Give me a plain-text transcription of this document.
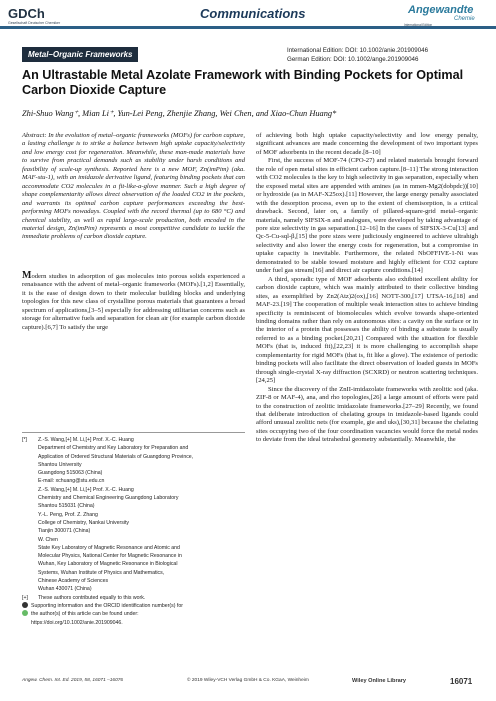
GDCh
Gesellschaft Deutscher Chemiker
Communications	Angewandte
Chemie
International Edition
Metal–Organic Frameworks	International Edition: DOI: 10.1002/anie.201909046
German Edition: DOI: 10.1002/ange.201909046
An Ultrastable Metal Azolate Framework with Binding Pockets for Optimal Carbon Dioxide Capture
Zhi-Shuo Wang⁺, Mian Li⁺, Yun-Lei Peng, Zhenjie Zhang, Wei Chen, and Xiao-Chun Huang*

Abstract: In the evolution of metal–organic frameworks (MOFs) for carbon capture, a lasting challenge is to strike a balance between high uptake capacity/selectivity and low energy cost for regeneration. Meanwhile, these man-made materials have to survive from practical demands such as stability under harsh conditions and feasibility of scale-up synthesis. Reported here is a new MOF, Zn(imPim) (aka. MAF-stu-1), with an imidazole derivative ligand, featuring binding pockets that can accommodate CO2 molecules in a fit-like-a-glove manner. Such a high degree of shape complementarity allows direct observation of the loaded CO2 in the pockets, and warrants its optimal carbon capture performances exceeding the best-performing MOFs nowadays. Coupled with the record thermal (up to 680 °C) and chemical stability, as well as rapid large-scale production, both encoded in the material design, Zn(imPim) represents a most competitive candidate to tackle the immediate problems of carbon dioxide capture.

Modern studies in adsorption of gas molecules into porous solids experienced a renaissance with the advent of metal–organic frameworks (MOFs).[1,2] Essentially, it is the ease of design down to their molecular building blocks and underlying topologies for this new class of crystalline porous materials that guarantees a broad spectrum of applications,[3–5] especially for addressing utilitarian concerns such as storage for alternative fuels and separation for clean air (for example carbon dioxide capture).[6,7] To satisfy the urge

[*]	Z.-S. Wang,[+] M. Li,[+] Prof. X.-C. Huang
Department of Chemistry and Key Laboratory for Preparation and
Application of Ordered Structural Materials of Guangdong Province,
Shantou University
Guangdong 515063 (China)
E-mail: xchuang@stu.edu.cn
Z.-S. Wang,[+] M. Li,[+] Prof. X.-C. Huang
Chemistry and Chemical Engineering Guangdong Laboratory
Shantou 515031 (China)
Y.-L. Peng, Prof. Z. Zhang
College of Chemistry, Nankai University
Tianjin 300071 (China)
W. Chen
State Key Laboratory of Magnetic Resonance and Atomic and
Molecular Physics, National Center for Magnetic Resonance in
Wuhan, Key Laboratory of Magnetic Resonance in Biological
Systems, Wuhan Institute of Physics and Mathematics,
Chinese Academy of Sciences
Wuhan 430071 (China)
[+]	These authors contributed equally to this work.
Supporting information and the ORCID identification number(s) for
the author(s) of this article can be found under:
https://doi.org/10.1002/anie.201909046.

of achieving both high uptake capacity/selectivity and low energy penalty, significant advances are made concerning the development of two important types of MOF adsorbents in the recent decade.[8–10]

First, the success of MOF-74 (CPO-27) and related materials brought forward the role of open metal sites in efficient carbon capture.[8–11] The strong interaction with CO2 molecules is the key to high selectivity in gas separation, especially when the exposed metal sites are appended with amines (as in mmen-Mg2(dobpdc))[10] or hydroxide (as in MAF-X25ox).[11] However, the large energy penalty associated with the desorption process, even up to the extent of chemisorption, is a critical drawback. Second, later on, a family of pillared-square-grid metal–organic materials, namely SIFSIX-n and analogues, were developed by taking advantage of pore size selectivity in gas separation.[12–16] In the cases of SIFSIX-3-Cu[13] and Qc-5-Cu-sql-β,[15] the pore sizes were judiciously engineered to achieve ultrahigh selectivity and also lower the energy costs for regeneration, but a compromise in uptake capacity is inevitable. Furthermore, the related NbOFFIVE-1-Ni was demonstrated to be stable toward moisture and highly efficient for CO2 capture under fuel gas stream[16] and direct air capture conditions.[14]

A third, sporadic type of MOF adsorbents also exhibited excellent ability for carbon dioxide capture, which was mainly attributed to their collective binding sites, as exemplified by Zn2(Atz)2(ox),[16] NOTT-300,[17] UTSA-16,[18] and MAF-23.[19] The cooperation of multiple weak interaction sites to achieve binding specificity is reminiscent of biomolecules which evolve towards shape-oriented binding domains rather than rely on autonomous sites: a cavity on the surface or in the interior of a protein that possesses the ability of binding a substrate is usually referred to as a binding pocket.[20,21] Compared with the situation for flexible MOFs (that is, induced fit),[22,23] it is more challenging to accomplish shape complementarity for rigid MOFs (that is, fit like a glove). The existence of periodic binding pockets will also facilitate the direct observation of loaded guests in MOFs through single-crystal X-ray diffraction (SCXRD) or neutron scattering techniques.[24,25]

Since the discovery of the ZnII-imidazolate frameworks with zeolitic sod (aka. ZIF-8 or MAF-4), ana, and rho topologies,[26] a large amount of efforts were paid to the construction of zeolitic imidazolate frameworks.[27–29] Recently, we found that deliberate introduction of chelating groups in imidazole-based ligands could afford unusual zeolitic nets (for example, gie and uks),[30,31] because the chelating sites occupying two of the four coordination vacancies would force the metal nodes to deviate from the ideal tetrahedral geometry substantially. Meanwhile, the

Angew. Chem. Int. Ed. 2019, 58, 16071 –16076	© 2019 Wiley-VCH Verlag GmbH & Co. KGaA, Weinheim	Wiley Online Library	16071
